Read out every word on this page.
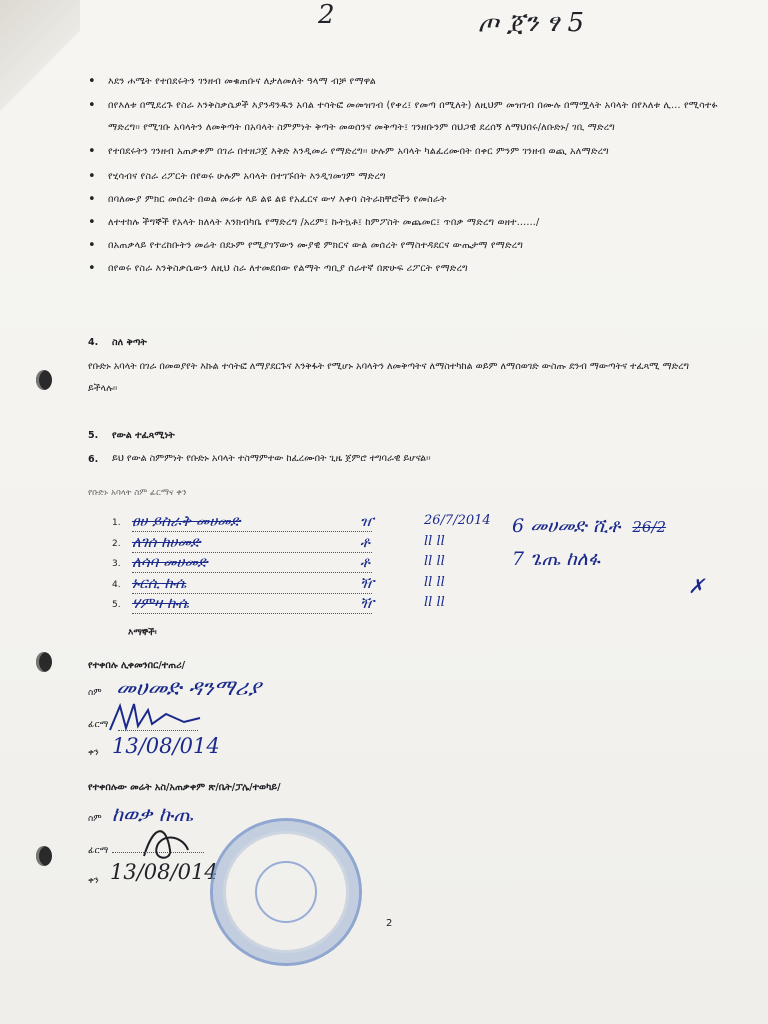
2	ጦ ጀን ፃ 5
• እደን ሐሜት የተበደሩትን ገንዘብ መቁጠቡና ለታለመለት ዓላማ ብቻ የማዋል
• በየእለቱ በሚደረጉ የስራ እንቅስቃሴዎች እያንዳንዱን አባል ተሳትፎ መመዝገብ (የቀረ፤ የመጣ በሚለት) ለዚህም መዝገብ በሙሉ በማሟላት አባላት በየእለቱ ሊ... የሚሳተፉ ማድረግ። የሚገቡ አባላትን ለመቅጣት በአባላት ስምምነት ቅጣት መወሰንና መቅጣት፤ ገንዘቡንም በህጋዊ ደረሰኝ ለማህበሩ/ለቡድኑ/ ገቢ ማድረግ
• የተበደሩትን ገንዘብ አጠቃቀም በገራ በተዘጋጀ እቅድ እንዲመራ የማድረግ፡፡ ሁሉም አባላት ካልፈረሙበት በቀር ምንም ገንዘብ ወጪ አለማድረግ
• የሂሳብና የስራ ሪፖርት በየወሩ ሁሉም አባላት በተገኙበት እንዲገመገም ማድረግ
• በባለሙያ ምክር መሰረት በወል መሬቱ ላይ ልዩ ልዩ የአፈርና ውሃ እቀባ ስትራክቸሮችን የመስራት
• ለተተከሉ ችግኞች የአላት ክለላት እንክብካቤ የማድረግ /አረም፤ ኩትኳቶ፤ ከምፖስት መጨመር፤ ጥበቃ ማድረግ ወዘተ....../
• በአጠቃላይ የተረከቡትን መሬት በደኑም የሚያገኘውን ሙያዊ ምክርና ውል መሰረት የማስተዳደርና ውጤታማ የማድረግ
• በየወሩ የስራ እንቅስቃሴውን ለዚህ ስራ ለተመደበው የልማት ጣቢያ ሰራተኛ በጽሁፍ ሪፖርት የማድረግ
4. ስለ ቅጣት
የቡድኑ አባላት በገራ በመወያየት እኩል ተሳትፎ ለማያደርጉና እንቅፋት የሚሆኑ አባላትን ለመቅጣትና ለማስተካከል ወይም ለማሰወገድ ውስጡ ደንብ ማውጣትና ተፈጻሚ ማድረግ ይችላሉ፡፡
5. የውል ተፈጻሚነት
6. ይህ የውል ስምምነት የቡድኑ አባላት ተስማምተው ከፈረሙበት ጊዜ ጀምሮ ተግባራዊ ይሆናል፡፡
የቡድኑ አባላት ስም ፊርማና ቀን
1. ፀሀ ይስራቅ መሀመድ	ዠ	26/7/2014
2. ለገሰ ከሀመድ	ቶ	ll ll
3. ለሳባ መሀመድ	ቶ	ll ll
4. ኑርሲ ኩሴ	ዥ	ll ll
5. ሃምዛ ኩሴ	ዥ	ll ll
6 መሀመድ ሺቶ 26/2
7 ጌጤ ከለፋ
✗
እማኞች፡
የተቀበሉ ሊቀመንበር/ተጠሪ/
ስም መሀመድ ዳንማሪያ
ፊርማ
ቀን 13/08/014
የተቀበሉው መሬት አስ/አጠቃቀም ጽ/ቤት/ፓሌ/ተወካይ/
ስም ከወቃ ኩጤ
ፊርማ
ቀን 13/08/014
2
